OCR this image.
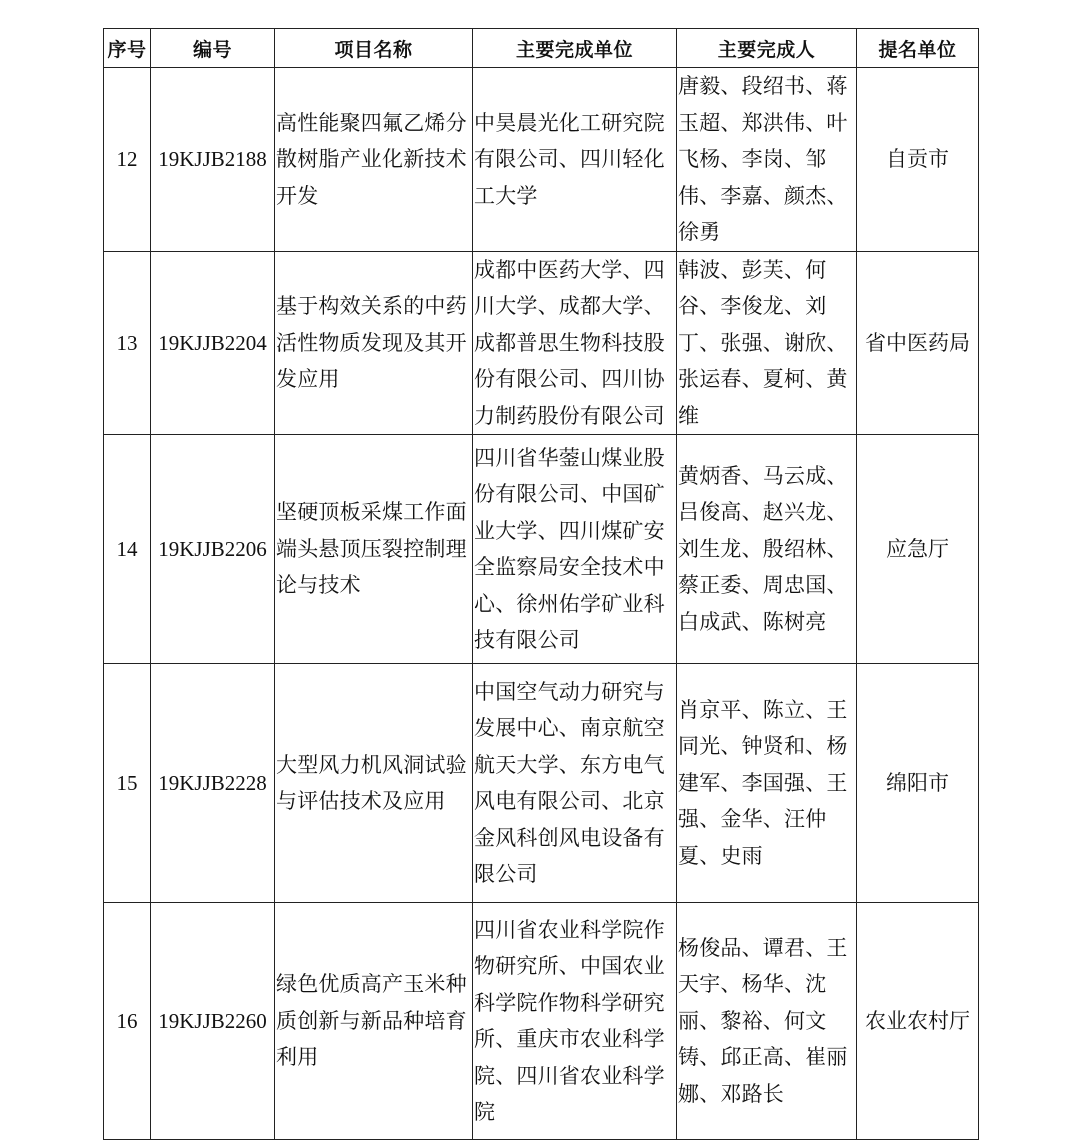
序号	编号	项目名称	主要完成单位	主要完成人	提名单位
12	19KJJB2188	高性能聚四氟乙烯分散树脂产业化新技术开发	中昊晨光化工研究院有限公司、四川轻化工大学	唐毅、段绍书、蒋玉超、郑洪伟、叶飞杨、李岗、邹伟、李嘉、颜杰、徐勇	自贡市
13	19KJJB2204	基于构效关系的中药活性物质发现及其开发应用	成都中医药大学、四川大学、成都大学、成都普思生物科技股份有限公司、四川协力制药股份有限公司	韩波、彭芙、何谷、李俊龙、刘丁、张强、谢欣、张运春、夏柯、黄维	省中医药局
14	19KJJB2206	坚硬顶板采煤工作面端头悬顶压裂控制理论与技术	四川省华蓥山煤业股份有限公司、中国矿业大学、四川煤矿安全监察局安全技术中心、徐州佑学矿业科技有限公司	黄炳香、马云成、吕俊高、赵兴龙、刘生龙、殷绍林、蔡正委、周忠国、白成武、陈树亮	应急厅
15	19KJJB2228	大型风力机风洞试验与评估技术及应用	中国空气动力研究与发展中心、南京航空航天大学、东方电气风电有限公司、北京金风科创风电设备有限公司	肖京平、陈立、王同光、钟贤和、杨建军、李国强、王强、金华、汪仲夏、史雨	绵阳市
16	19KJJB2260	绿色优质高产玉米种质创新与新品种培育利用	四川省农业科学院作物研究所、中国农业科学院作物科学研究所、重庆市农业科学院、四川省农业科学院	杨俊品、谭君、王天宇、杨华、沈丽、黎裕、何文铸、邱正高、崔丽娜、邓路长	农业农村厅
